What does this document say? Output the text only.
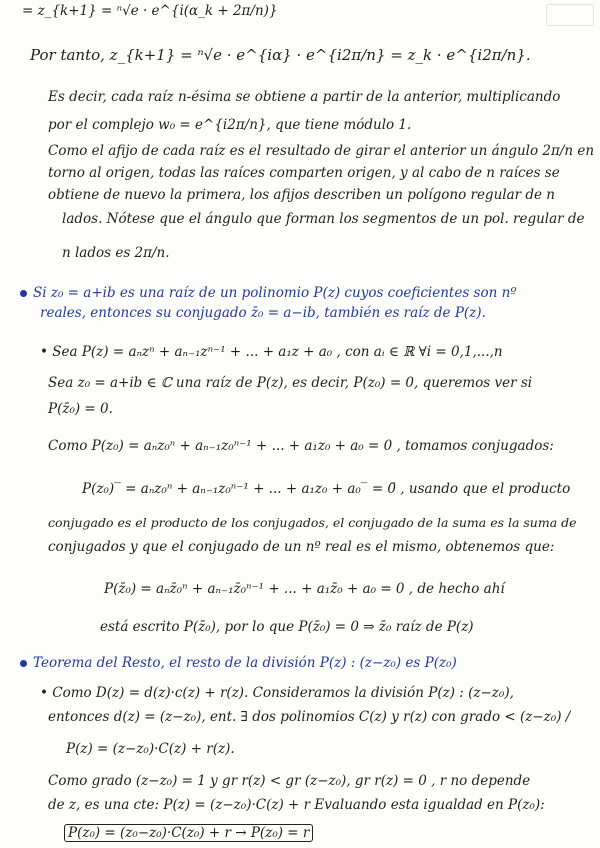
= z_{k+1} = ⁿ√e · e^{i(α_k + 2π/n)}
Por tanto, z_{k+1} = ⁿ√e · e^{iα} · e^{i2π/n} = z_k · e^{i2π/n}.
Es decir, cada raíz n-ésima se obtiene a partir de la anterior, multiplicando
por el complejo w₀ = e^{i2π/n}, que tiene módulo 1.
Como el afijo de cada raíz es el resultado de girar el anterior un ángulo 2π/n en
torno al origen, todas las raíces comparten origen, y al cabo de n raíces se
obtiene de nuevo la primera, los afijos describen un polígono regular de n
lados. Nótese que el ángulo que forman los segmentos de un pol. regular de
n lados es 2π/n.
Si z₀ = a+ib es una raíz de un polinomio P(z) cuyos coeficientes son nº
reales, entonces su conjugado z̄₀ = a−ib, también es raíz de P(z).
• Sea P(z) = aₙzⁿ + aₙ₋₁zⁿ⁻¹ + ... + a₁z + a₀ , con aᵢ ∈ ℝ ∀i = 0,1,...,n
Sea z₀ = a+ib ∈ ℂ una raíz de P(z), es decir, P(z₀) = 0, queremos ver si
P(z̄₀) = 0.
Como P(z₀) = aₙz₀ⁿ + aₙ₋₁z₀ⁿ⁻¹ + ... + a₁z₀ + a₀ = 0 , tomamos conjugados:
P(z₀)‾ = aₙz₀ⁿ + aₙ₋₁z₀ⁿ⁻¹ + ... + a₁z₀ + a₀‾ = 0̄ , usando que el producto
conjugado es el producto de los conjugados, el conjugado de la suma es la suma de
conjugados y que el conjugado de un nº real es el mismo, obtenemos que:
P(z̄₀) = aₙz̄₀ⁿ + aₙ₋₁z̄₀ⁿ⁻¹ + ... + a₁z̄₀ + a₀ = 0 , de hecho ahí
está escrito P(z̄₀), por lo que P(z̄₀) = 0 ⇒ z̄₀ raíz de P(z)
Teorema del Resto, el resto de la división P(z) : (z−z₀) es P(z₀)
• Como D(z) = d(z)·c(z) + r(z). Consideramos la división P(z) : (z−z₀),
entonces d(z) = (z−z₀), ent. ∃ dos polinomios C(z) y r(z) con grado < (z−z₀) /
P(z) = (z−z₀)·C(z) + r(z).
Como grado (z−z₀) = 1 y gr r(z) < gr (z−z₀), gr r(z) = 0 , r no depende
de z, es una cte: P(z) = (z−z₀)·C(z) + r Evaluando esta igualdad en P(z₀):
P(z₀) = (z₀−z₀)·C(z₀) + r → P(z₀) = r
